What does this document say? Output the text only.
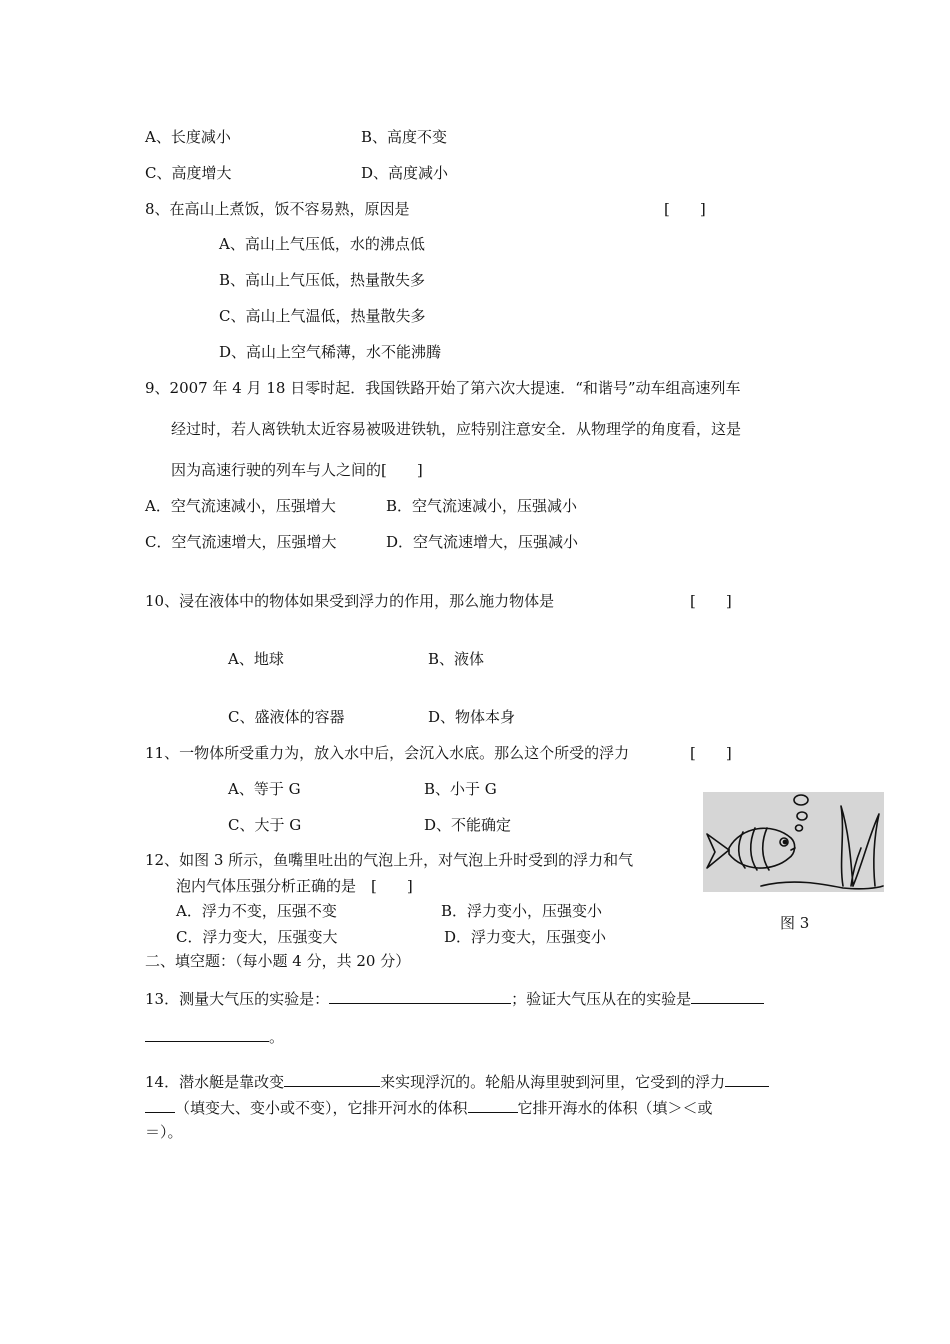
A、长度减小	B、高度不变
C、高度增大	D、高度减小
8、在高山上煮饭，饭不容易熟，原因是	[　　]
A、高山上气压低，水的沸点低
B、高山上气压低，热量散失多
C、高山上气温低，热量散失多
D、高山上空气稀薄，水不能沸腾
9、2007 年 4 月 18 日零时起．我国铁路开始了第六次大提速．“和谐号”动车组高速列车
经过时，若人离铁轨太近容易被吸进铁轨，应特别注意安全．从物理学的角度看，这是
因为高速行驶的列车与人之间的[　　]
A．空气流速减小，压强增大	B．空气流速减小，压强减小
C．空气流速增大，压强增大	D．空气流速增大，压强减小
10、浸在液体中的物体如果受到浮力的作用，那么施力物体是	[　　]
A、地球	B、液体
C、盛液体的容器	D、物体本身
11、一物体所受重力为，放入水中后，会沉入水底。那么这个所受的浮力	[　　]
A、等于 G	B、小于 G
C、大于 G	D、不能确定
图 3
12、如图 3 所示，鱼嘴里吐出的气泡上升，对气泡上升时受到的浮力和气
泡内气体压强分析正确的是　[　　]
A．浮力不变，压强不变	B．浮力变小，压强变小
C．浮力变大，压强变大	D．浮力变大，压强变小
二、填空题：（每小题 4 分，共 20 分）
13．测量大气压的实验是：	；验证大气压从在的实验是
。
14．潜水艇是靠改变	来实现浮沉的。轮船从海里驶到河里，它受到的浮力
（填变大、变小或不变），它排开河水的体积	它排开海水的体积（填＞＜或
＝）。
